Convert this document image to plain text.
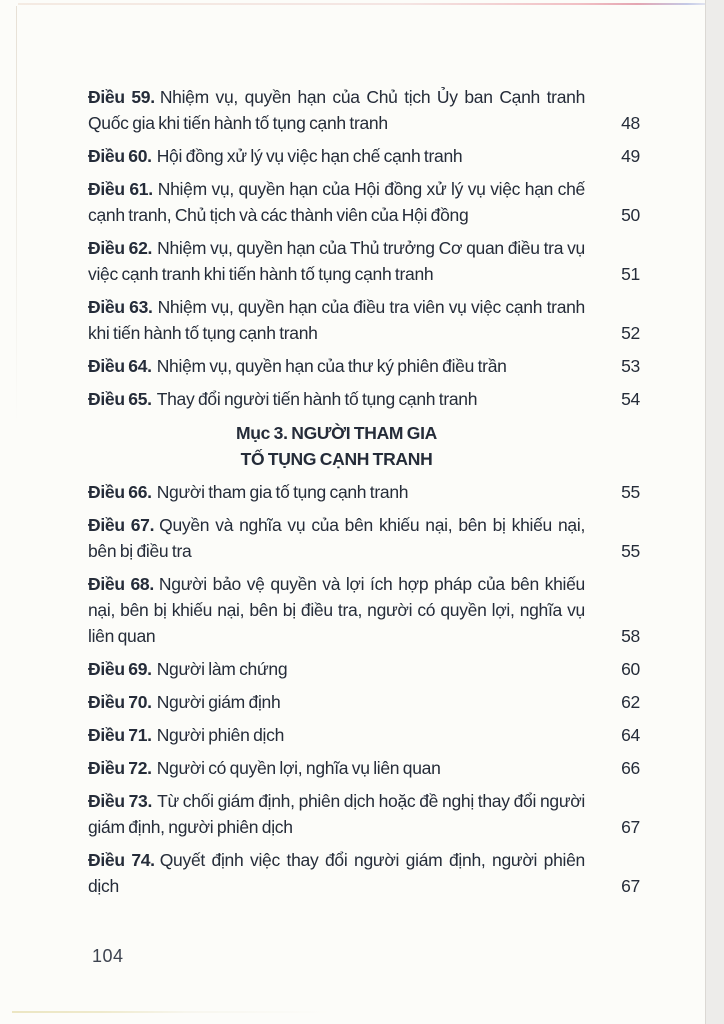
Điều 59. Nhiệm vụ, quyền hạn của Chủ tịch Ủy ban Cạnh tranh Quốc gia khi tiến hành tố tụng cạnh tranh	48
Điều 60. Hội đồng xử lý vụ việc hạn chế cạnh tranh	49
Điều 61. Nhiệm vụ, quyền hạn của Hội đồng xử lý vụ việc hạn chế cạnh tranh, Chủ tịch và các thành viên của Hội đồng	50
Điều 62. Nhiệm vụ, quyền hạn của Thủ trưởng Cơ quan điều tra vụ việc cạnh tranh khi tiến hành tố tụng cạnh tranh	51
Điều 63. Nhiệm vụ, quyền hạn của điều tra viên vụ việc cạnh tranh khi tiến hành tố tụng cạnh tranh	52
Điều 64. Nhiệm vụ, quyền hạn của thư ký phiên điều trần	53
Điều 65. Thay đổi người tiến hành tố tụng cạnh tranh	54
Mục 3. NGƯỜI THAM GIA
TỐ TỤNG CẠNH TRANH
Điều 66. Người tham gia tố tụng cạnh tranh	55
Điều 67. Quyền và nghĩa vụ của bên khiếu nại, bên bị khiếu nại, bên bị điều tra	55
Điều 68. Người bảo vệ quyền và lợi ích hợp pháp của bên khiếu nại, bên bị khiếu nại, bên bị điều tra, người có quyền lợi, nghĩa vụ liên quan	58
Điều 69. Người làm chứng	60
Điều 70. Người giám định	62
Điều 71. Người phiên dịch	64
Điều 72. Người có quyền lợi, nghĩa vụ liên quan	66
Điều 73. Từ chối giám định, phiên dịch hoặc đề nghị thay đổi người giám định, người phiên dịch	67
Điều 74. Quyết định việc thay đổi người giám định, người phiên dịch	67
104
